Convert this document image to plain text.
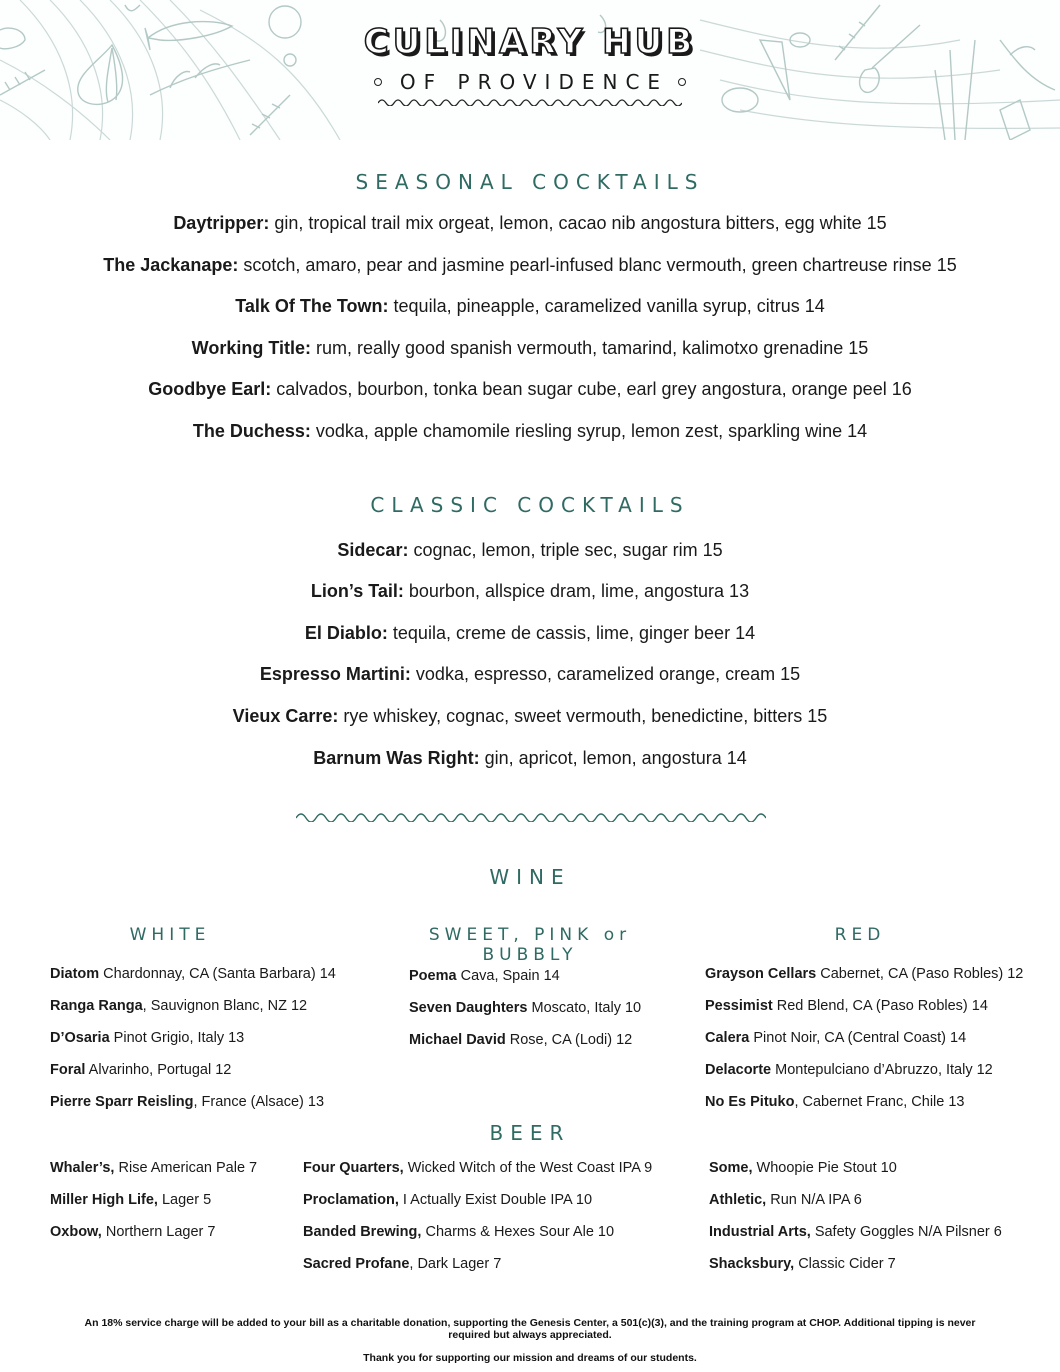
CULINARY HUB
OF PROVIDENCE
SEASONAL COCKTAILS
Daytripper: gin, tropical trail mix orgeat, lemon, cacao nib angostura bitters, egg white 15
The Jackanape: scotch, amaro, pear and jasmine pearl-infused blanc vermouth, green chartreuse rinse 15
Talk Of The Town: tequila, pineapple, caramelized vanilla syrup, citrus 14
Working Title: rum, really good spanish vermouth, tamarind, kalimotxo grenadine 15
Goodbye Earl: calvados, bourbon, tonka bean sugar cube, earl grey angostura, orange peel 16
The Duchess: vodka, apple chamomile riesling syrup, lemon zest, sparkling wine 14
CLASSIC COCKTAILS
Sidecar: cognac, lemon, triple sec, sugar rim 15
Lion’s Tail: bourbon, allspice dram, lime, angostura 13
El Diablo: tequila, creme de cassis, lime, ginger beer 14
Espresso Martini: vodka, espresso, caramelized orange, cream 15
Vieux Carre: rye whiskey, cognac, sweet vermouth, benedictine, bitters 15
Barnum Was Right: gin, apricot, lemon, angostura 14
WINE
WHITE	SWEET, PINK or BUBBLY
RED
Diatom Chardonnay, CA (Santa Barbara) 14
Ranga Ranga, Sauvignon Blanc, NZ 12
D’Osaria Pinot Grigio, Italy 13
Foral Alvarinho, Portugal 12
Pierre Sparr Reisling, France (Alsace) 13
Poema Cava, Spain 14
Seven Daughters Moscato, Italy 10
Michael David Rose, CA (Lodi) 12
Grayson Cellars Cabernet, CA (Paso Robles) 12
Pessimist Red Blend, CA (Paso Robles) 14
Calera Pinot Noir, CA (Central Coast) 14
Delacorte Montepulciano d’Abruzzo, Italy 12
No Es Pituko, Cabernet Franc, Chile 13
BEER
Whaler’s, Rise American Pale 7
Miller High Life, Lager 5
Oxbow, Northern Lager 7
Four Quarters, Wicked Witch of the West Coast IPA 9
Proclamation, I Actually Exist Double IPA 10
Banded Brewing, Charms & Hexes Sour Ale 10
Sacred Profane, Dark Lager 7
Some, Whoopie Pie Stout 10
Athletic, Run N/A IPA 6
Industrial Arts, Safety Goggles N/A Pilsner 6
Shacksbury, Classic Cider 7
An 18% service charge will be added to your bill as a charitable donation, supporting the Genesis Center, a 501(c)(3), and the training program at CHOP. Additional tipping is never required but always appreciated.
Thank you for supporting our mission and dreams of our students.
